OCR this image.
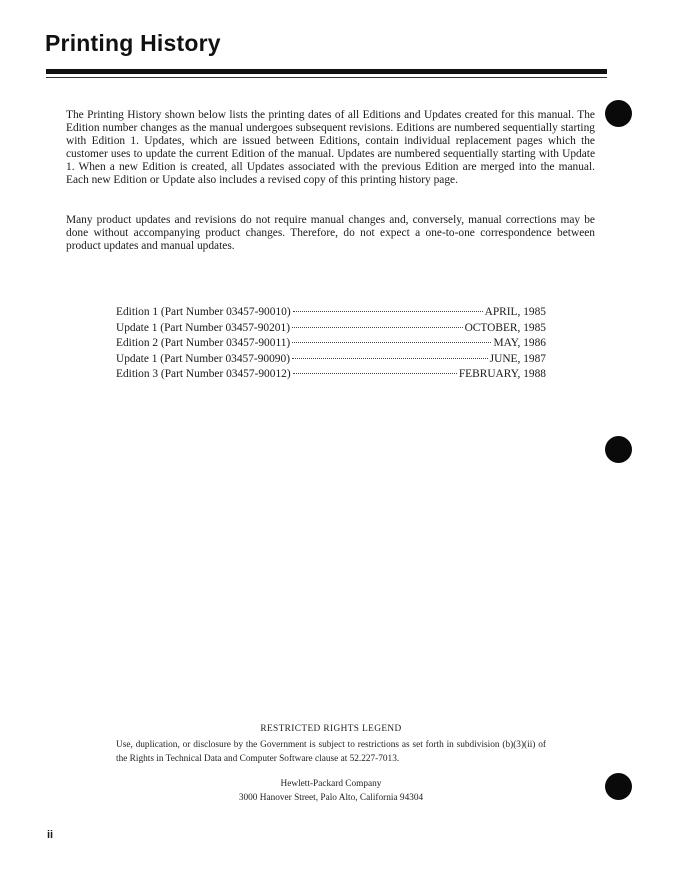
Printing History

The Printing History shown below lists the printing dates of all Editions and Updates created for this manual. The Edition number changes as the manual undergoes subsequent revisions. Editions are numbered sequentially starting with Edition 1. Updates, which are issued between Editions, contain individual replacement pages which the customer uses to update the current Edition of the manual. Updates are numbered sequentially starting with Update 1. When a new Edition is created, all Updates associated with the previous Edition are merged into the manual. Each new Edition or Update also includes a revised copy of this printing history page.

Many product updates and revisions do not require manual changes and, conversely, manual corrections may be done without accompanying product changes. Therefore, do not expect a one-to-one correspondence between product updates and manual updates.

Edition 1 (Part Number 03457-90010)	APRIL, 1985
Update 1 (Part Number 03457-90201)	OCTOBER, 1985
Edition 2 (Part Number 03457-90011)	MAY, 1986
Update 1 (Part Number 03457-90090)	JUNE, 1987
Edition 3 (Part Number 03457-90012)	FEBRUARY, 1988
RESTRICTED RIGHTS LEGEND
Use, duplication, or disclosure by the Government is subject to restrictions as set forth in subdivision (b)(3)(ii) of the Rights in Technical Data and Computer Software clause at 52.227-7013.
Hewlett-Packard Company
3000 Hanover Street, Palo Alto, California 94304
ii
